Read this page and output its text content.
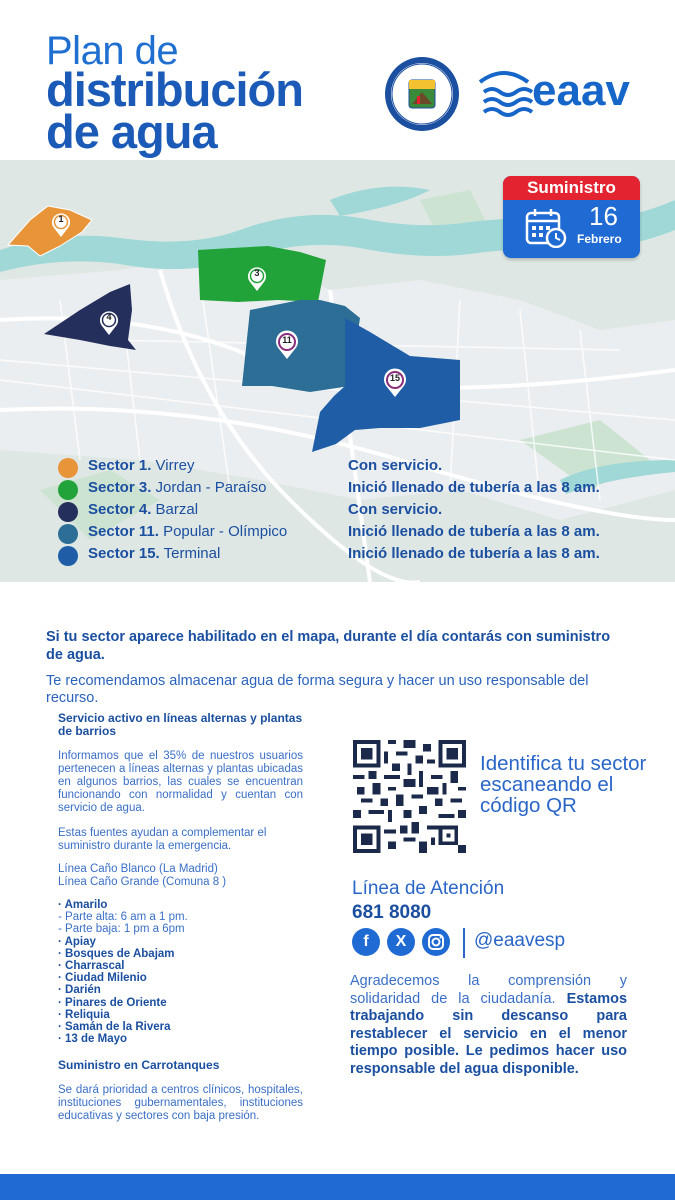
Plan de
distribución
de agua
eaav
1
3
4
11
15
Suministro
16
Febrero
Sector 1. Virrey	Con servicio.
Sector 3. Jordan - Paraíso	Inició llenado de tubería a las 8 am.
Sector 4. Barzal	Con servicio.
Sector 11. Popular - Olímpico	Inició llenado de tubería a las 8 am.
Sector 15. Terminal	Inició llenado de tubería a las 8 am.
Si tu sector aparece habilitado en el mapa, durante el día contarás con suministro de agua.
Te recomendamos almacenar agua de forma segura y hacer un uso responsable del recurso.
Servicio activo en líneas alternas y plantas de barrios

Informamos que el 35% de nuestros usuarios pertenecen a líneas alternas y plantas ubicadas en algunos barrios, las cuales se encuentran funcionando con normalidad y cuentan con servicio de agua.

Estas fuentes ayudan a complementar el suministro durante la emergencia.

Línea Caño Blanco (La Madrid)

Línea Caño Grande (Comuna 8 )
· Amarilo
- Parte alta: 6 am a 1 pm.
- Parte baja: 1 pm a 6pm
· Apiay
· Bosques de Abajam
· Charrascal
· Ciudad Milenio
· Darién
· Pinares de Oriente
· Reliquia
· Samán de la Rivera
· 13 de Mayo

Suministro en Carrotanques

Se dará prioridad a centros clínicos, hospitales, instituciones gubernamentales, instituciones educativas y sectores con baja presión.

Identifica tu sector escaneando el código QR
Línea de Atención
681 8080
f	X	@eaavesp
Agradecemos la comprensión y solidaridad de la ciudadanía. Estamos trabajando sin descanso para restablecer el servicio en el menor tiempo posible. Le pedimos hacer uso responsable del agua disponible.
